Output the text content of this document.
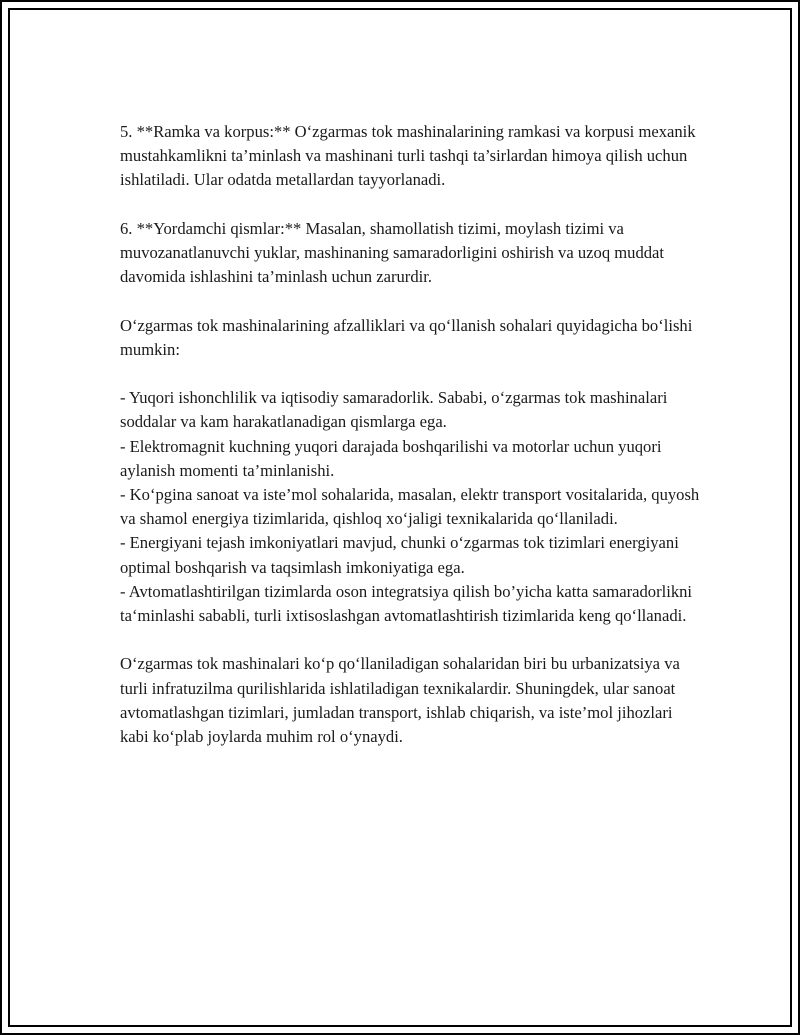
5. **Ramka va korpus:** O‘zgarmas tok mashinalarining ramkasi va korpusi mexanik mustahkamlikni ta’minlash va mashinani turli tashqi ta’sirlardan himoya qilish uchun ishlatiladi. Ular odatda metallardan tayyorlanadi.

6. **Yordamchi qismlar:** Masalan, shamollatish tizimi, moylash tizimi va muvozanatlanuvchi yuklar, mashinaning samaradorligini oshirish va uzoq muddat davomida ishlashini ta’minlash uchun zarurdir.

O‘zgarmas tok mashinalarining afzalliklari va qo‘llanish sohalari quyidagicha bo‘lishi mumkin:

- Yuqori ishonchlilik va iqtisodiy samaradorlik. Sababi, o‘zgarmas tok mashinalari soddalar va kam harakatlanadigan qismlarga ega.

- Elektromagnit kuchning yuqori darajada boshqarilishi va motorlar uchun yuqori aylanish momenti ta’minlanishi.

- Ko‘pgina sanoat va iste’mol sohalarida, masalan, elektr transport vositalarida, quyosh va shamol energiya tizimlarida, qishloq xo‘jaligi texnikalarida qo‘llaniladi.

- Energiyani tejash imkoniyatlari mavjud, chunki o‘zgarmas tok tizimlari energiyani optimal boshqarish va taqsimlash imkoniyatiga ega.

- Avtomatlashtirilgan tizimlarda oson integratsiya qilish bo’yicha katta samaradorlikni ta‘minlashi sababli, turli ixtisoslashgan avtomatlashtirish tizimlarida keng qo‘llanadi.

O‘zgarmas tok mashinalari ko‘p qo‘llaniladigan sohalaridan biri bu urbanizatsiya va turli infratuzilma qurilishlarida ishlatiladigan texnikalardir. Shuningdek, ular sanoat avtomatlashgan tizimlari, jumladan transport, ishlab chiqarish, va iste’mol jihozlari kabi ko‘plab joylarda muhim rol o‘ynaydi.
